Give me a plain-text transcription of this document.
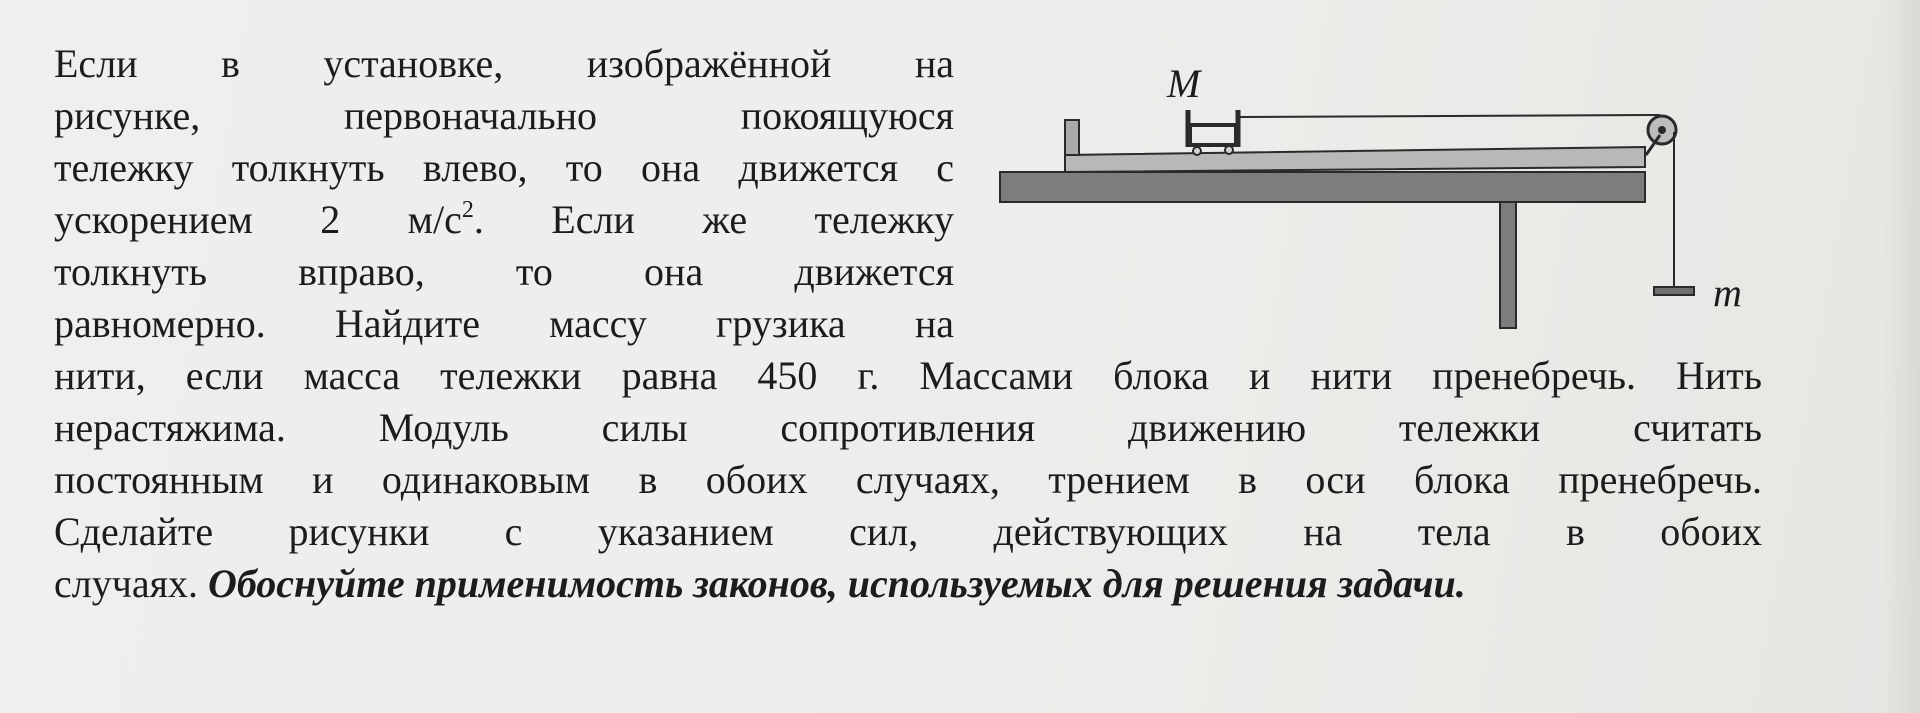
Если в установке, изображённой на
рисунке, первоначально покоящуюся
тележку толкнуть влево, то она движется с
ускорением 2 $м/с^2$. Если же тележку
толкнуть вправо, то она движется
равномерно. Найдите массу грузика на
нити, если масса тележки равна 450 г. Массами блока и нити пренебречь. Нить
нерастяжима. Модуль силы сопротивления движению тележки считать
постоянным и одинаковым в обоих случаях, трением в оси блока пренебречь.
Сделайте рисунки с указанием сил, действующих на тела в обоих
случаях. Обоснуйте применимость законов, используемых для решения задачи.
M
m
